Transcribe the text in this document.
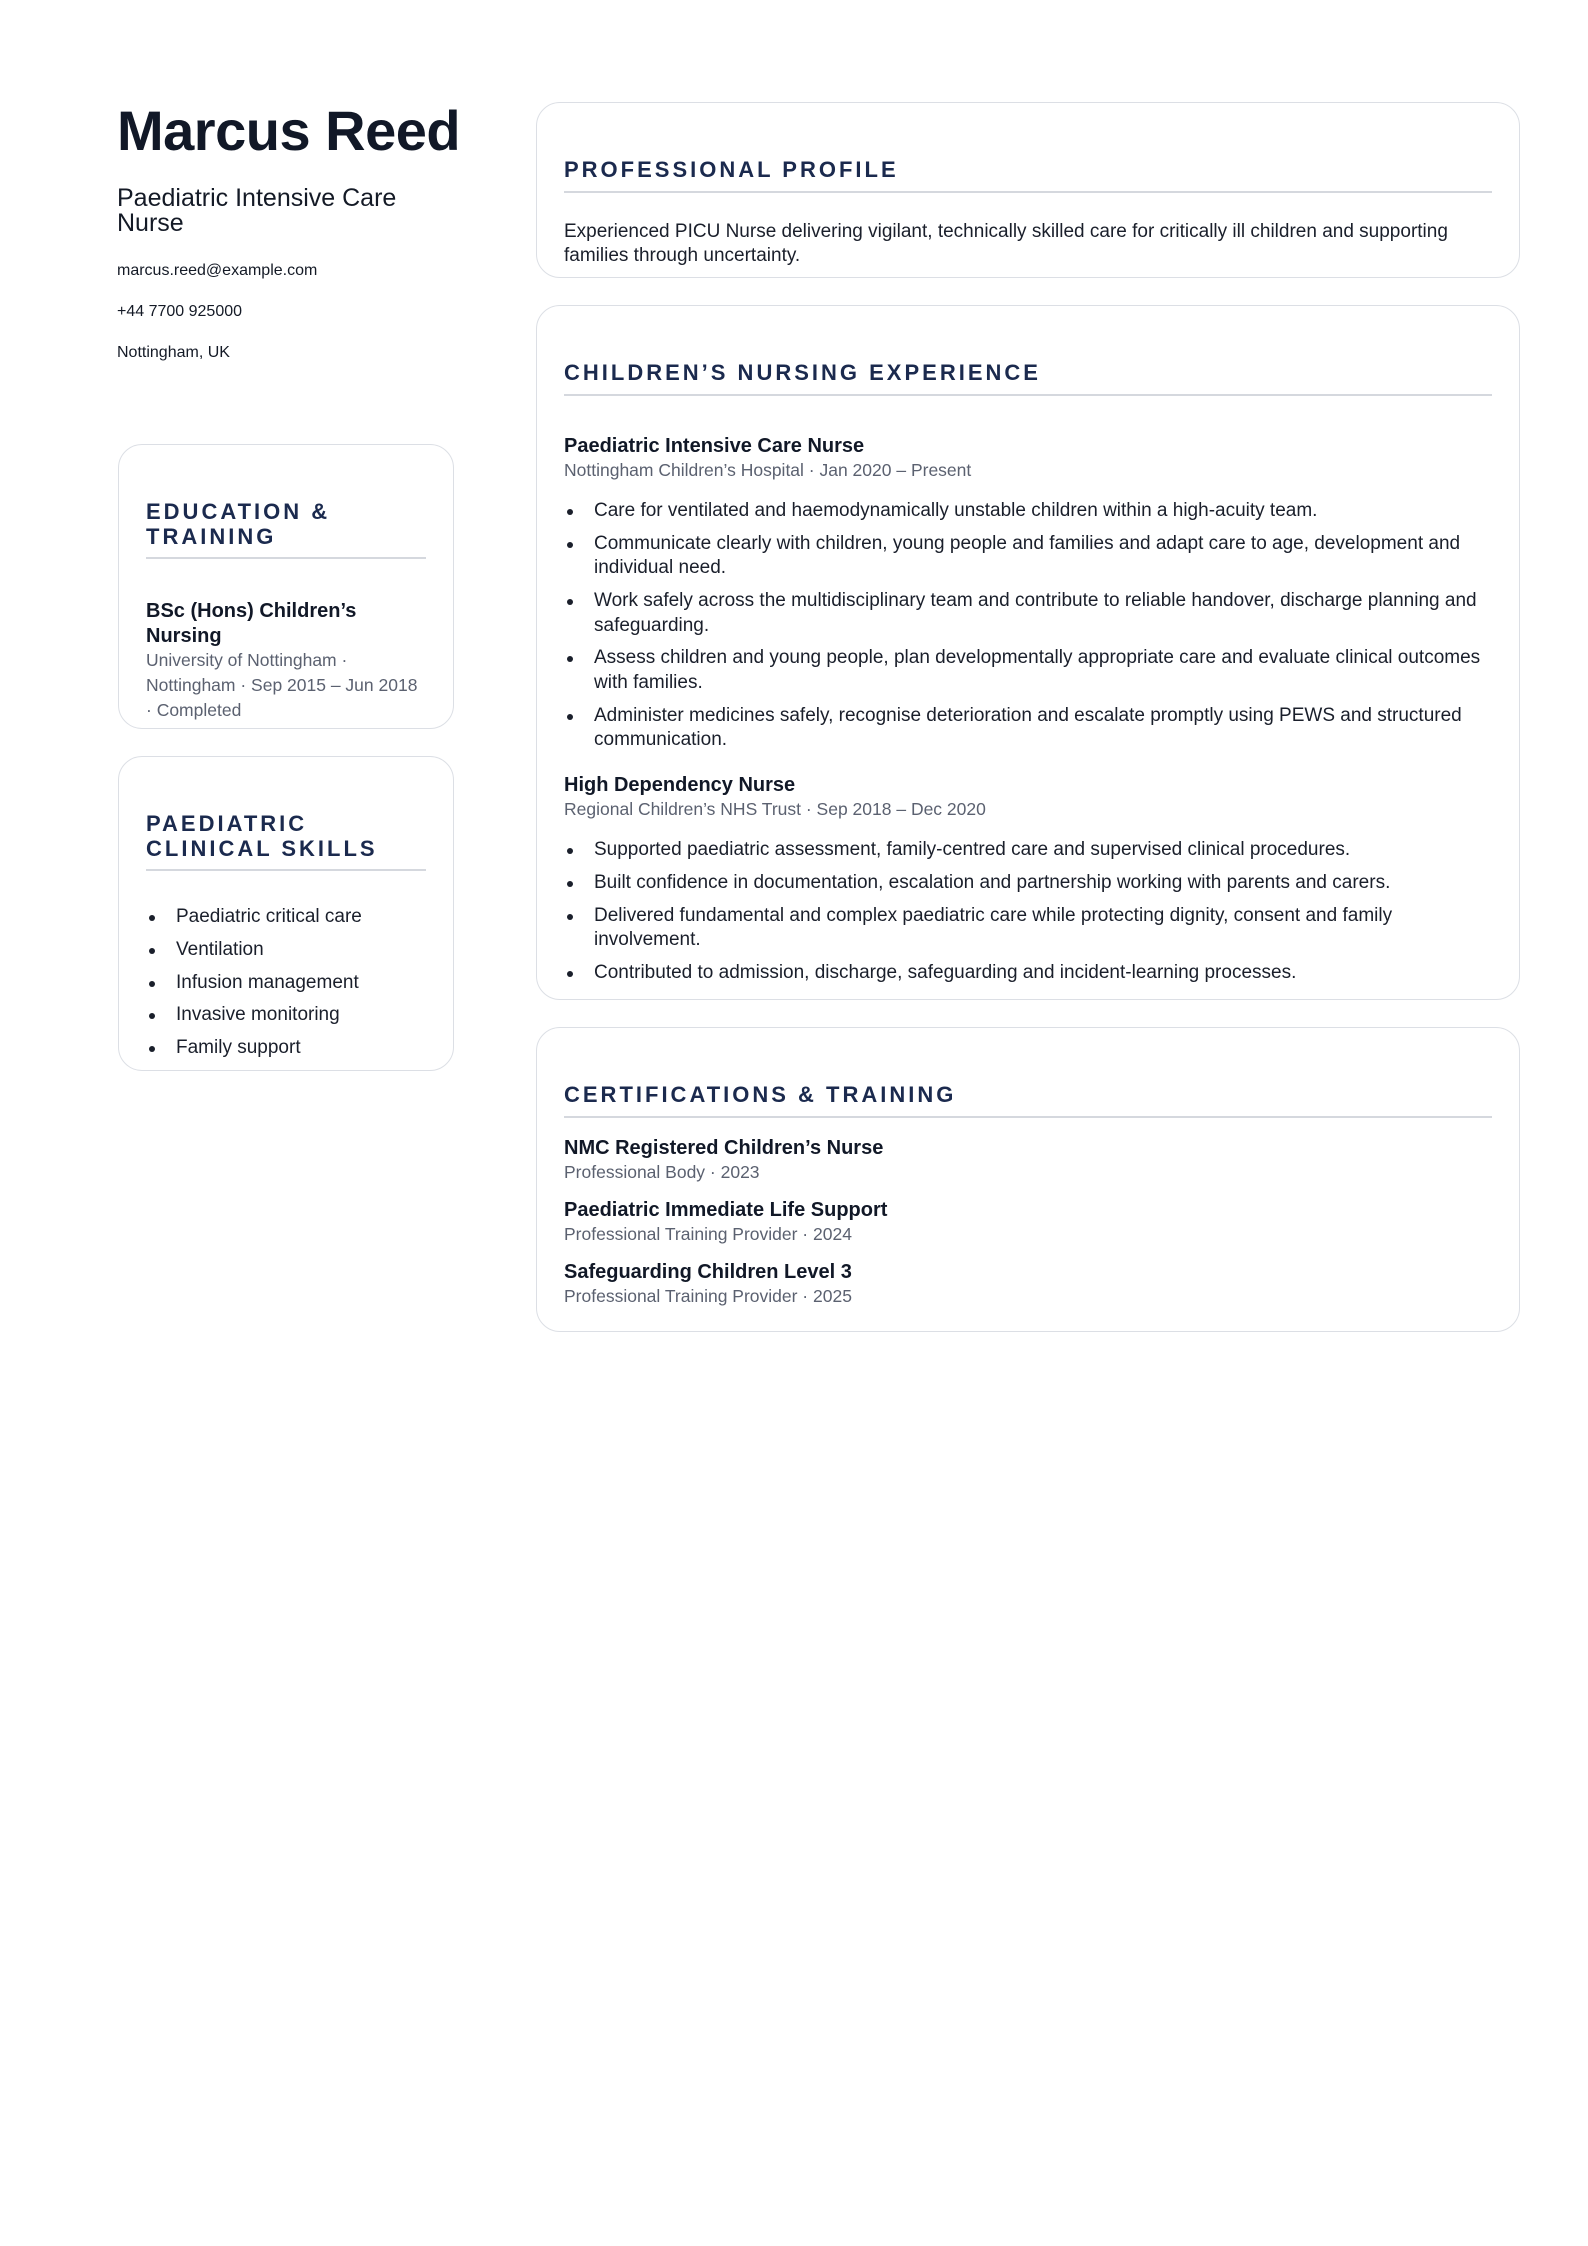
Marcus Reed
Paediatric Intensive Care Nurse
marcus.reed@example.com
+44 7700 925000
Nottingham, UK
EDUCATION & TRAINING
BSc (Hons) Children’s Nursing
University of Nottingham · Nottingham · Sep 2015 – Jun 2018 · Completed
PAEDIATRIC CLINICAL SKILLS
Paediatric critical care
Ventilation
Infusion management
Invasive monitoring
Family support
PROFESSIONAL PROFILE
Experienced PICU Nurse delivering vigilant, technically skilled care for critically ill children and supporting families through uncertainty.
CHILDREN’S NURSING EXPERIENCE
Paediatric Intensive Care Nurse
Nottingham Children’s Hospital · Jan 2020 – Present
Care for ventilated and haemodynamically unstable children within a high-acuity team.
Communicate clearly with children, young people and families and adapt care to age, development and individual need.
Work safely across the multidisciplinary team and contribute to reliable handover, discharge planning and safeguarding.
Assess children and young people, plan developmentally appropriate care and evaluate clinical outcomes with families.
Administer medicines safely, recognise deterioration and escalate promptly using PEWS and structured communication.
High Dependency Nurse
Regional Children’s NHS Trust · Sep 2018 – Dec 2020
Supported paediatric assessment, family-centred care and supervised clinical procedures.
Built confidence in documentation, escalation and partnership working with parents and carers.
Delivered fundamental and complex paediatric care while protecting dignity, consent and family involvement.
Contributed to admission, discharge, safeguarding and incident-learning processes.
CERTIFICATIONS & TRAINING
NMC Registered Children’s Nurse
Professional Body · 2023
Paediatric Immediate Life Support
Professional Training Provider · 2024
Safeguarding Children Level 3
Professional Training Provider · 2025
